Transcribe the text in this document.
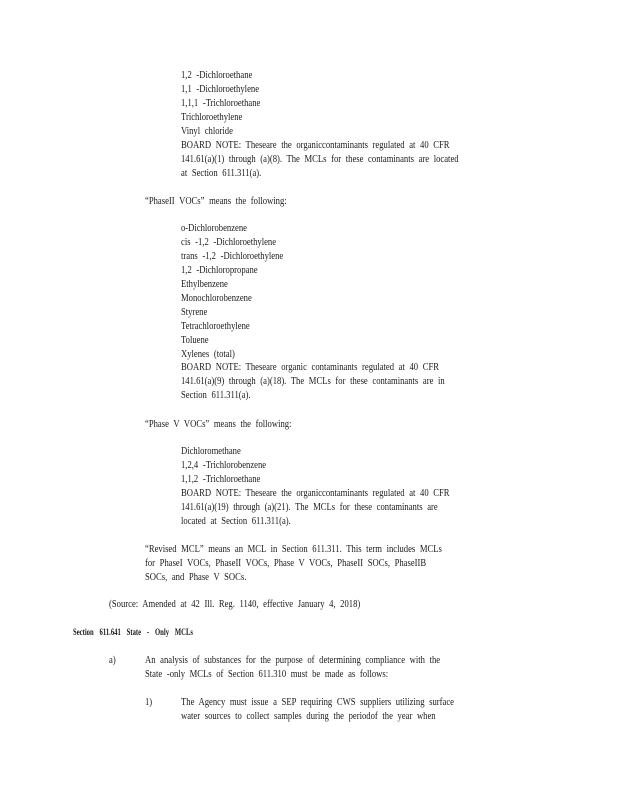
1,2 -Dichloroethane
1,1 -Dichloroethylene
1,1,1 -Trichloroethane
Trichloroethylene
Vinyl chloride
BOARD NOTE: Theseare the organiccontaminants regulated at 40 CFR
141.61(a)(1) through (a)(8). The MCLs for these contaminants are located
at Section 611.311(a).
“PhaseII VOCs” means the following:
o-Dichlorobenzene
cis -1,2 -Dichloroethylene
trans -1,2 -Dichloroethylene
1,2 -Dichloropropane
Ethylbenzene
Monochlorobenzene
Styrene
Tetrachloroethylene
Toluene
Xylenes (total)
BOARD NOTE: Theseare organic contaminants regulated at 40 CFR
141.61(a)(9) through (a)(18). The MCLs for these contaminants are in
Section 611.311(a).
“Phase V VOCs” means the following:
Dichloromethane
1,2,4 -Trichlorobenzene
1,1,2 -Trichloroethane
BOARD NOTE: Theseare the organiccontaminants regulated at 40 CFR
141.61(a)(19) through (a)(21). The MCLs for these contaminants are
located at Section 611.311(a).
“Revised MCL” means an MCL in Section 611.311. This term includes MCLs
for PhaseI VOCs, PhaseII VOCs, Phase V VOCs, PhaseII SOCs, PhaseIIB
SOCs, and Phase V SOCs.
(Source: Amended at 42 Ill. Reg. 1140, effective January 4, 2018)
Section 611.641 State - Only MCLs
a)	An analysis of substances for the purpose of determining compliance with the
State -only MCLs of Section 611.310 must be made as follows:
1)	The Agency must issue a SEP requiring CWS suppliers utilizing surface
water sources to collect samples during the periodof the year when
